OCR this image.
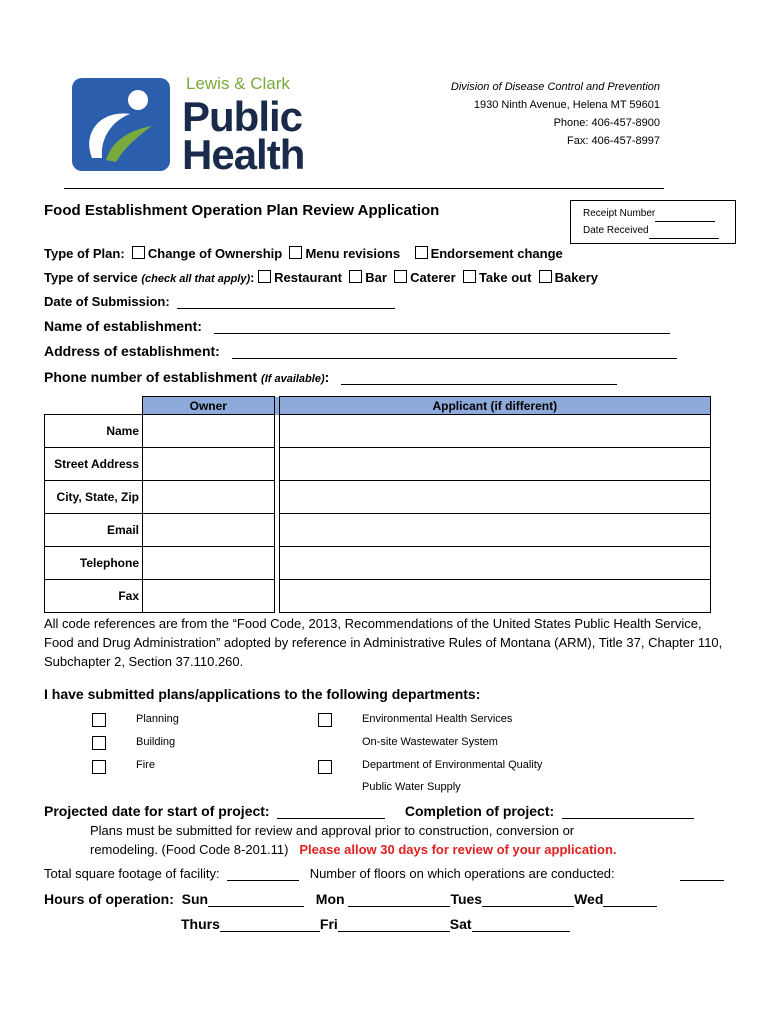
Lewis & Clark
Public
Health
Division of Disease Control and Prevention
1930 Ninth Avenue, Helena MT 59601
Phone: 406-457-8900
Fax: 406-457-8997
Food Establishment Operation Plan Review Application	Receipt Number
Date Received
Type of Plan: Change of Ownership Menu revisions Endorsement change
Type of service (check all that apply): Restaurant Bar Caterer Take out Bakery
Date of Submission:
Name of establishment:
Address of establishment:
Phone number of establishment (If available):
	Owner		Applicant (if different)
Name			
Street Address			
City, State, Zip			
Email			
Telephone			
Fax			
All code references are from the “Food Code, 2013, Recommendations of the United States Public Health Service, Food and Drug Administration” adopted by reference in Administrative Rules of Montana (ARM), Title 37, Chapter 110, Subchapter 2, Section 37.110.260.
I have submitted plans/applications to the following departments:
Planning
Building
Fire
Environmental Health Services
On-site Wastewater System
Department of Environmental Quality
Public Water Supply
Projected date for start of project:	Completion of project:
Plans must be submitted for review and approval prior to construction, conversion or
remodeling. (Food Code 8-201.11) Please allow 30 days for review of your application.
Total square footage of facility:	Number of floors on which operations are conducted:
Hours of operation: Sun	Mon	Tues	Wed
Thurs	Fri	Sat
